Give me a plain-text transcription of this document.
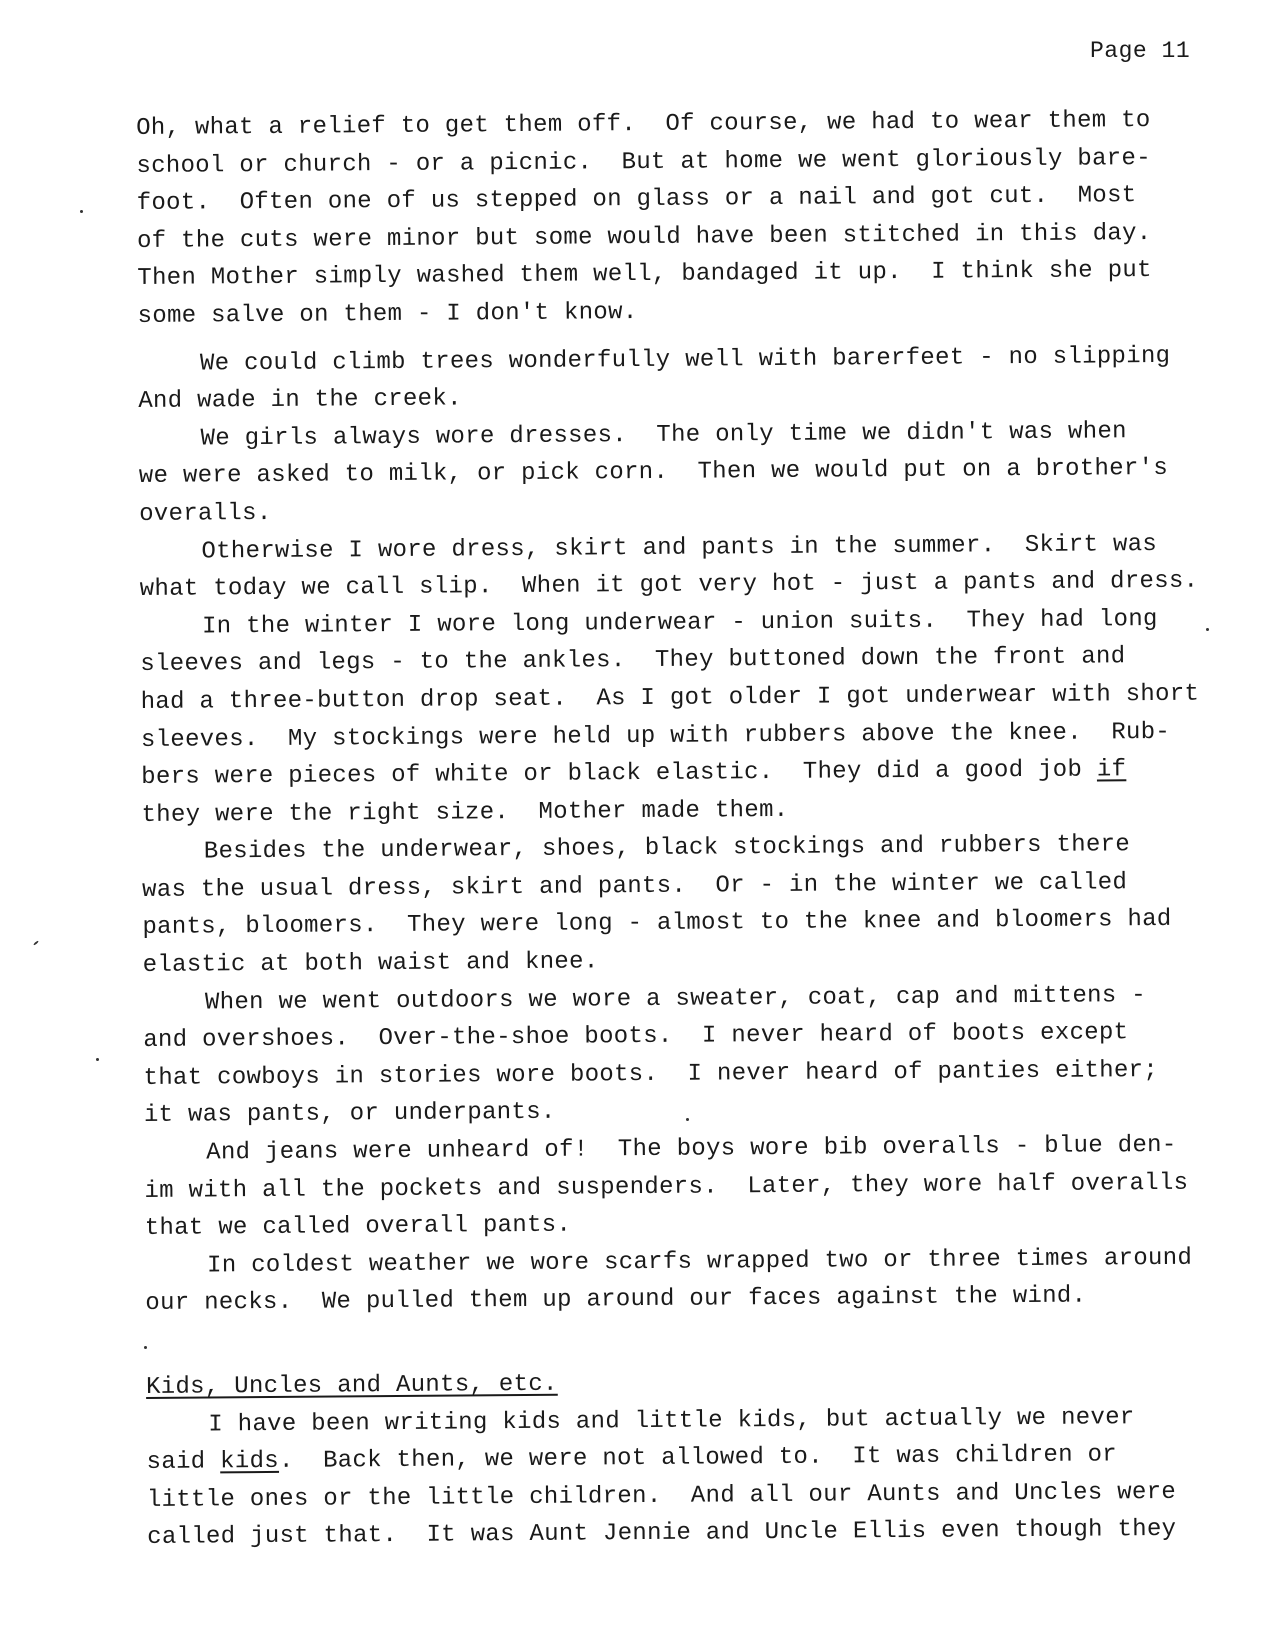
Page 11
Oh, what a relief to get them off.  Of course, we had to wear them to
school or church - or a picnic.  But at home we went gloriously bare-
foot.  Often one of us stepped on glass or a nail and got cut.  Most
of the cuts were minor but some would have been stitched in this day.
Then Mother simply washed them well, bandaged it up.  I think she put
some salve on them - I don't know.
We could climb trees wonderfully well with barerfeet - no slipping
And wade in the creek.
We girls always wore dresses.  The only time we didn't was when
we were asked to milk, or pick corn.  Then we would put on a brother's
overalls.
Otherwise I wore dress, skirt and pants in the summer.  Skirt was
what today we call slip.  When it got very hot - just a pants and dress.
In the winter I wore long underwear - union suits.  They had long
sleeves and legs - to the ankles.  They buttoned down the front and
had a three-button drop seat.  As I got older I got underwear with short
sleeves.  My stockings were held up with rubbers above the knee.  Rub-
bers were pieces of white or black elastic.  They did a good job if
they were the right size.  Mother made them.
Besides the underwear, shoes, black stockings and rubbers there
was the usual dress, skirt and pants.  Or - in the winter we called
pants, bloomers.  They were long - almost to the knee and bloomers had
elastic at both waist and knee.
When we went outdoors we wore a sweater, coat, cap and mittens -
and overshoes.  Over-the-shoe boots.  I never heard of boots except
that cowboys in stories wore boots.  I never heard of panties either;
it was pants, or underpants.
And jeans were unheard of!  The boys wore bib overalls - blue den-
im with all the pockets and suspenders.  Later, they wore half overalls
that we called overall pants.
In coldest weather we wore scarfs wrapped two or three times around
our necks.  We pulled them up around our faces against the wind.
Kids, Uncles and Aunts, etc.
I have been writing kids and little kids, but actually we never
said kids.  Back then, we were not allowed to.  It was children or
little ones or the little children.  And all our Aunts and Uncles were
called just that.  It was Aunt Jennie and Uncle Ellis even though they
